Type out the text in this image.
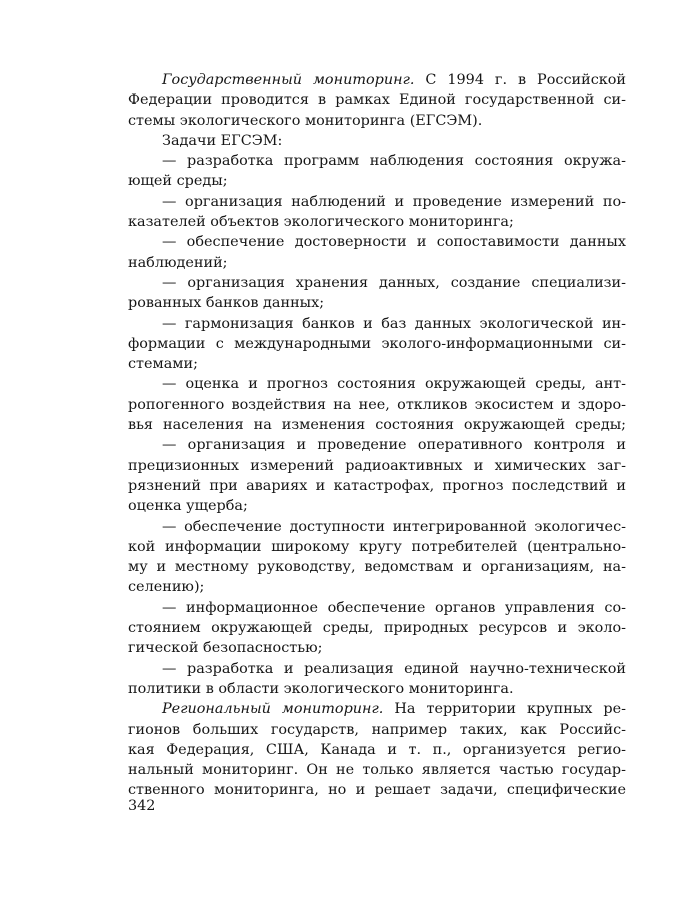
Государственный мониторинг. С 1994 г. в Российской
Федерации проводится в рамках Единой государственной си-
стемы экологического мониторинга (ЕГСЭМ).
Задачи ЕГСЭМ:
— разработка программ наблюдения состояния окружа-
ющей среды;
— организация наблюдений и проведение измерений по-
казателей объектов экологического мониторинга;
— обеспечение достоверности и сопоставимости данных
наблюдений;
— организация хранения данных, создание специализи-
рованных банков данных;
— гармонизация банков и баз данных экологической ин-
формации с международными эколого-информационными си-
стемами;
— оценка и прогноз состояния окружающей среды, ант-
ропогенного воздействия на нее, откликов экосистем и здоро-
вья населения на изменения состояния окружающей среды;
— организация и проведение оперативного контроля и
прецизионных измерений радиоактивных и химических заг-
рязнений при авариях и катастрофах, прогноз последствий и
оценка ущерба;
— обеспечение доступности интегрированной экологичес-
кой информации широкому кругу потребителей (центрально-
му и местному руководству, ведомствам и организациям, на-
селению);
— информационное обеспечение органов управления со-
стоянием окружающей среды, природных ресурсов и эколо-
гической безопасностью;
— разработка и реализация единой научно-технической
политики в области экологического мониторинга.
Региональный мониторинг. На территории крупных ре-
гионов больших государств, например таких, как Российс-
кая Федерация, США, Канада и т. п., организуется регио-
нальный мониторинг. Он не только является частью государ-
ственного мониторинга, но и решает задачи, специфические
342
